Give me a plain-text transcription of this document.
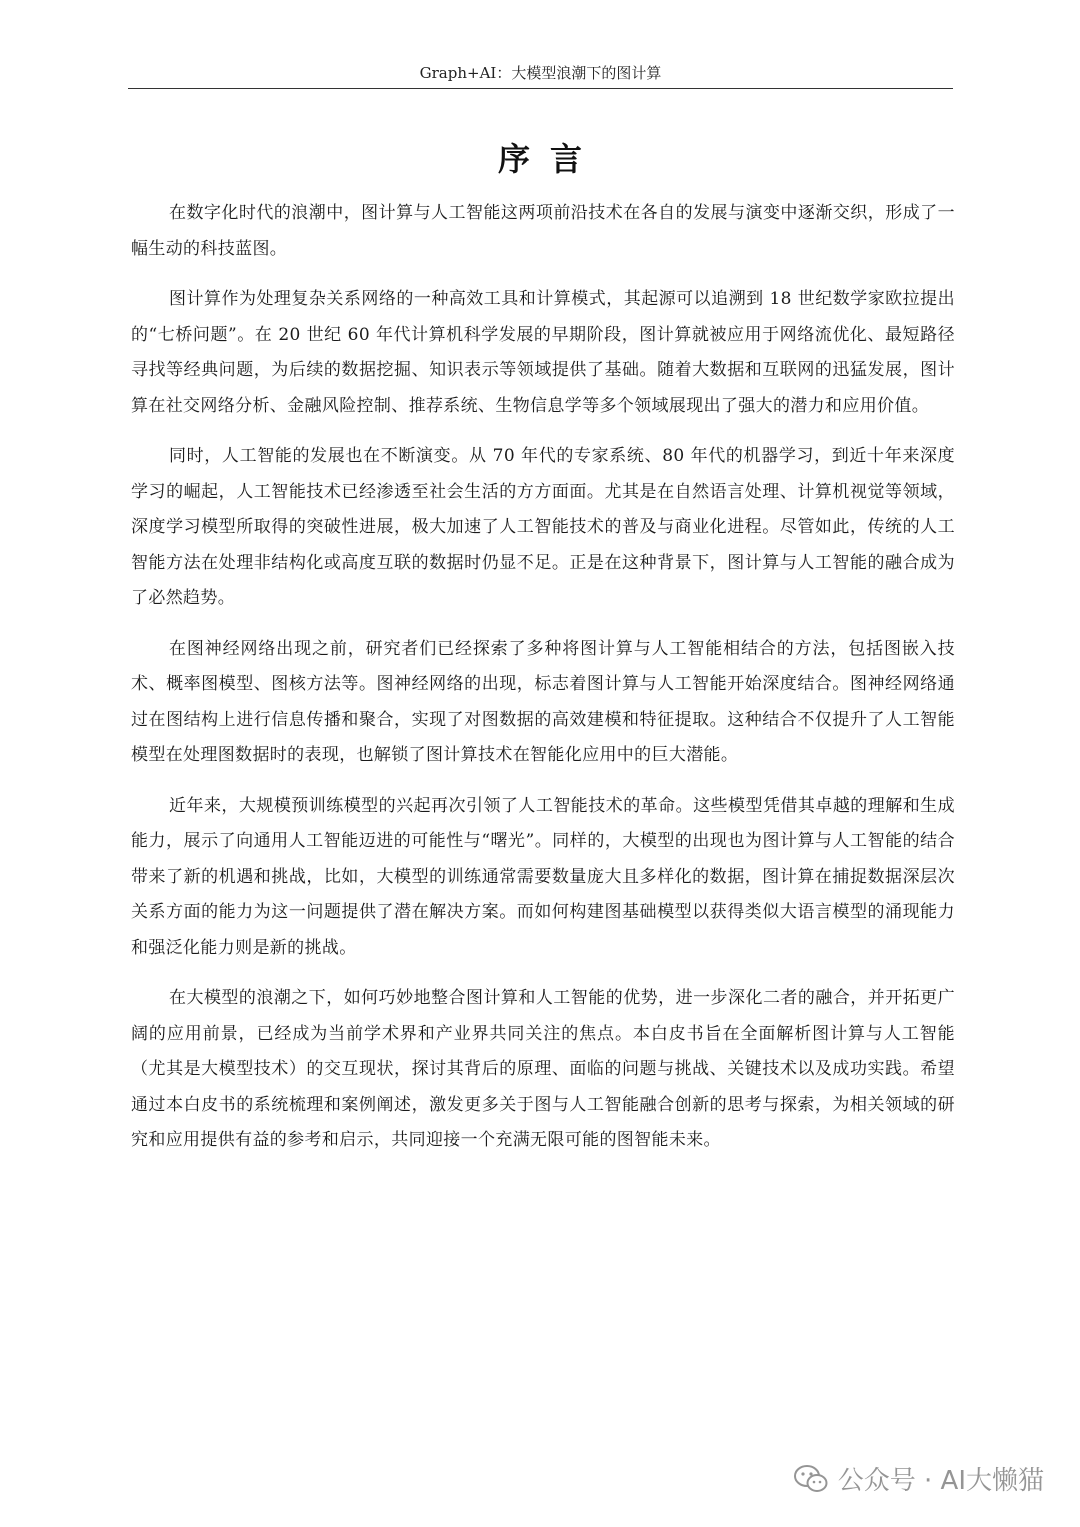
Graph+AI：大模型浪潮下的图计算
序言

在数字化时代的浪潮中，图计算与人工智能这两项前沿技术在各自的发展与演变中逐渐交织，形成了一幅生动的科技蓝图。

图计算作为处理复杂关系网络的一种高效工具和计算模式，其起源可以追溯到 18 世纪数学家欧拉提出的“七桥问题”。在 20 世纪 60 年代计算机科学发展的早期阶段，图计算就被应用于网络流优化、最短路径寻找等经典问题，为后续的数据挖掘、知识表示等领域提供了基础。随着大数据和互联网的迅猛发展，图计算在社交网络分析、金融风险控制、推荐系统、生物信息学等多个领域展现出了强大的潜力和应用价值。

同时，人工智能的发展也在不断演变。从 70 年代的专家系统、80 年代的机器学习，到近十年来深度学习的崛起，人工智能技术已经渗透至社会生活的方方面面。尤其是在自然语言处理、计算机视觉等领域，深度学习模型所取得的突破性进展，极大加速了人工智能技术的普及与商业化进程。尽管如此，传统的人工智能方法在处理非结构化或高度互联的数据时仍显不足。正是在这种背景下，图计算与人工智能的融合成为了必然趋势。

在图神经网络出现之前，研究者们已经探索了多种将图计算与人工智能相结合的方法，包括图嵌入技术、概率图模型、图核方法等。图神经网络的出现，标志着图计算与人工智能开始深度结合。图神经网络通过在图结构上进行信息传播和聚合，实现了对图数据的高效建模和特征提取。这种结合不仅提升了人工智能模型在处理图数据时的表现，也解锁了图计算技术在智能化应用中的巨大潜能。

近年来，大规模预训练模型的兴起再次引领了人工智能技术的革命。这些模型凭借其卓越的理解和生成能力，展示了向通用人工智能迈进的可能性与“曙光”。同样的，大模型的出现也为图计算与人工智能的结合带来了新的机遇和挑战，比如，大模型的训练通常需要数量庞大且多样化的数据，图计算在捕捉数据深层次关系方面的能力为这一问题提供了潜在解决方案。而如何构建图基础模型以获得类似大语言模型的涌现能力和强泛化能力则是新的挑战。

在大模型的浪潮之下，如何巧妙地整合图计算和人工智能的优势，进一步深化二者的融合，并开拓更广阔的应用前景，已经成为当前学术界和产业界共同关注的焦点。本白皮书旨在全面解析图计算与人工智能（尤其是大模型技术）的交互现状，探讨其背后的原理、面临的问题与挑战、关键技术以及成功实践。希望通过本白皮书的系统梳理和案例阐述，激发更多关于图与人工智能融合创新的思考与探索，为相关领域的研究和应用提供有益的参考和启示，共同迎接一个充满无限可能的图智能未来。

公众号 · AI大懒猫
